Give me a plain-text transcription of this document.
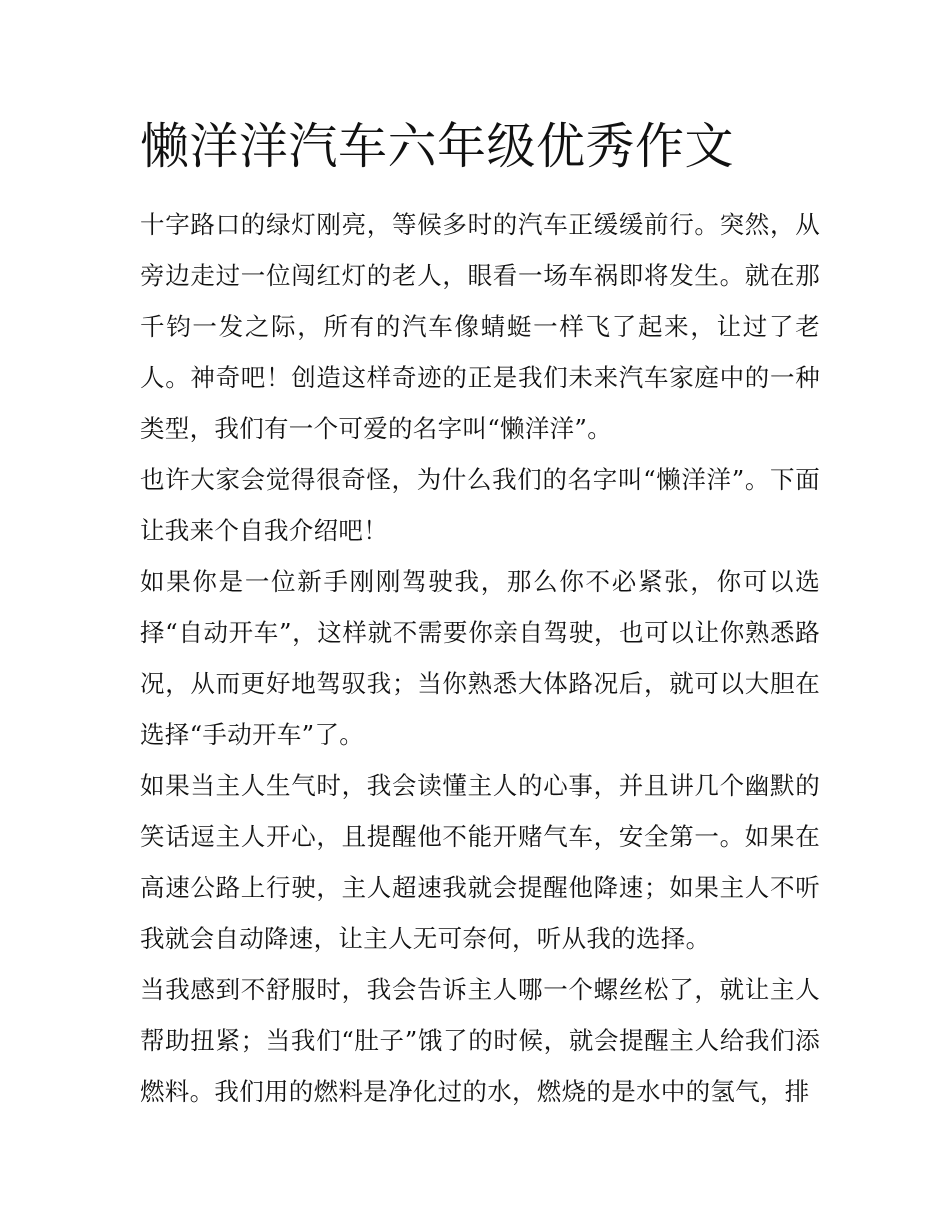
懒洋洋汽车六年级优秀作文

十字路口的绿灯刚亮，等候多时的汽车正缓缓前行。突然，从旁边走过一位闯红灯的老人，眼看一场车祸即将发生。就在那千钧一发之际，所有的汽车像蜻蜓一样飞了起来，让过了老人。神奇吧！创造这样奇迹的正是我们未来汽车家庭中的一种类型，我们有一个可爱的名字叫“懒洋洋”。

也许大家会觉得很奇怪，为什么我们的名字叫“懒洋洋”。下面让我来个自我介绍吧！

如果你是一位新手刚刚驾驶我，那么你不必紧张，你可以选择“自动开车”，这样就不需要你亲自驾驶，也可以让你熟悉路况，从而更好地驾驭我；当你熟悉大体路况后，就可以大胆在选择“手动开车”了。

如果当主人生气时，我会读懂主人的心事，并且讲几个幽默的笑话逗主人开心，且提醒他不能开赌气车，安全第一。如果在高速公路上行驶，主人超速我就会提醒他降速；如果主人不听我就会自动降速，让主人无可奈何，听从我的选择。

当我感到不舒服时，我会告诉主人哪一个螺丝松了，就让主人帮助扭紧；当我们“肚子”饿了的时候，就会提醒主人给我们添燃料。我们用的燃料是净化过的水，燃烧的是水中的氢气，排
